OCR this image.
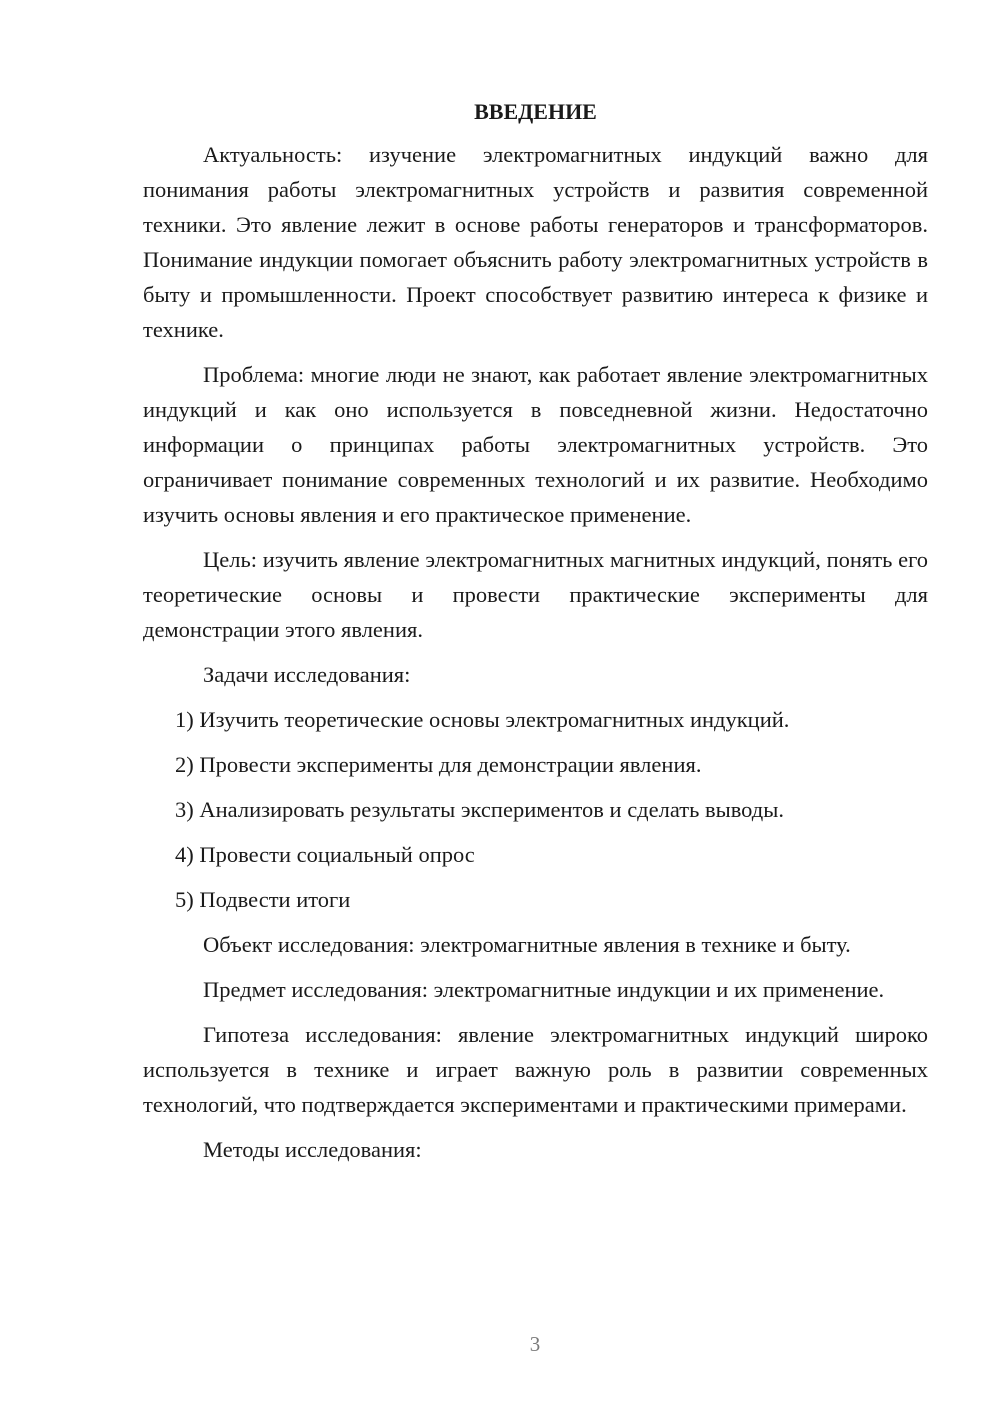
ВВЕДЕНИЕ

Актуальность: изучение электромагнитных индукций важно для понимания работы электромагнитных устройств и развития современной техники. Это явление лежит в основе работы генераторов и трансформаторов. Понимание индукции помогает объяснить работу электромагнитных устройств в быту и промышленности. Проект способствует развитию интереса к физике и технике.

Проблема: многие люди не знают, как работает явление электромагнитных индукций и как оно используется в повседневной жизни. Недостаточно информации о принципах работы электромагнитных устройств. Это ограничивает понимание современных технологий и их развитие. Необходимо изучить основы явления и его практическое применение.

Цель: изучить явление электромагнитных магнитных индукций, понять его теоретические основы и провести практические эксперименты для демонстрации этого явления.

Задачи исследования:

1) Изучить теоретические основы электромагнитных индукций.
2) Провести эксперименты для демонстрации явления.
3) Анализировать результаты экспериментов и сделать выводы.
4) Провести социальный опрос
5) Подвести итоги

Объект исследования: электромагнитные явления в технике и быту.

Предмет исследования: электромагнитные индукции и их применение.

Гипотеза исследования: явление электромагнитных индукций широко используется в технике и играет важную роль в развитии современных технологий, что подтверждается экспериментами и практическими примерами.

Методы исследования:

3
